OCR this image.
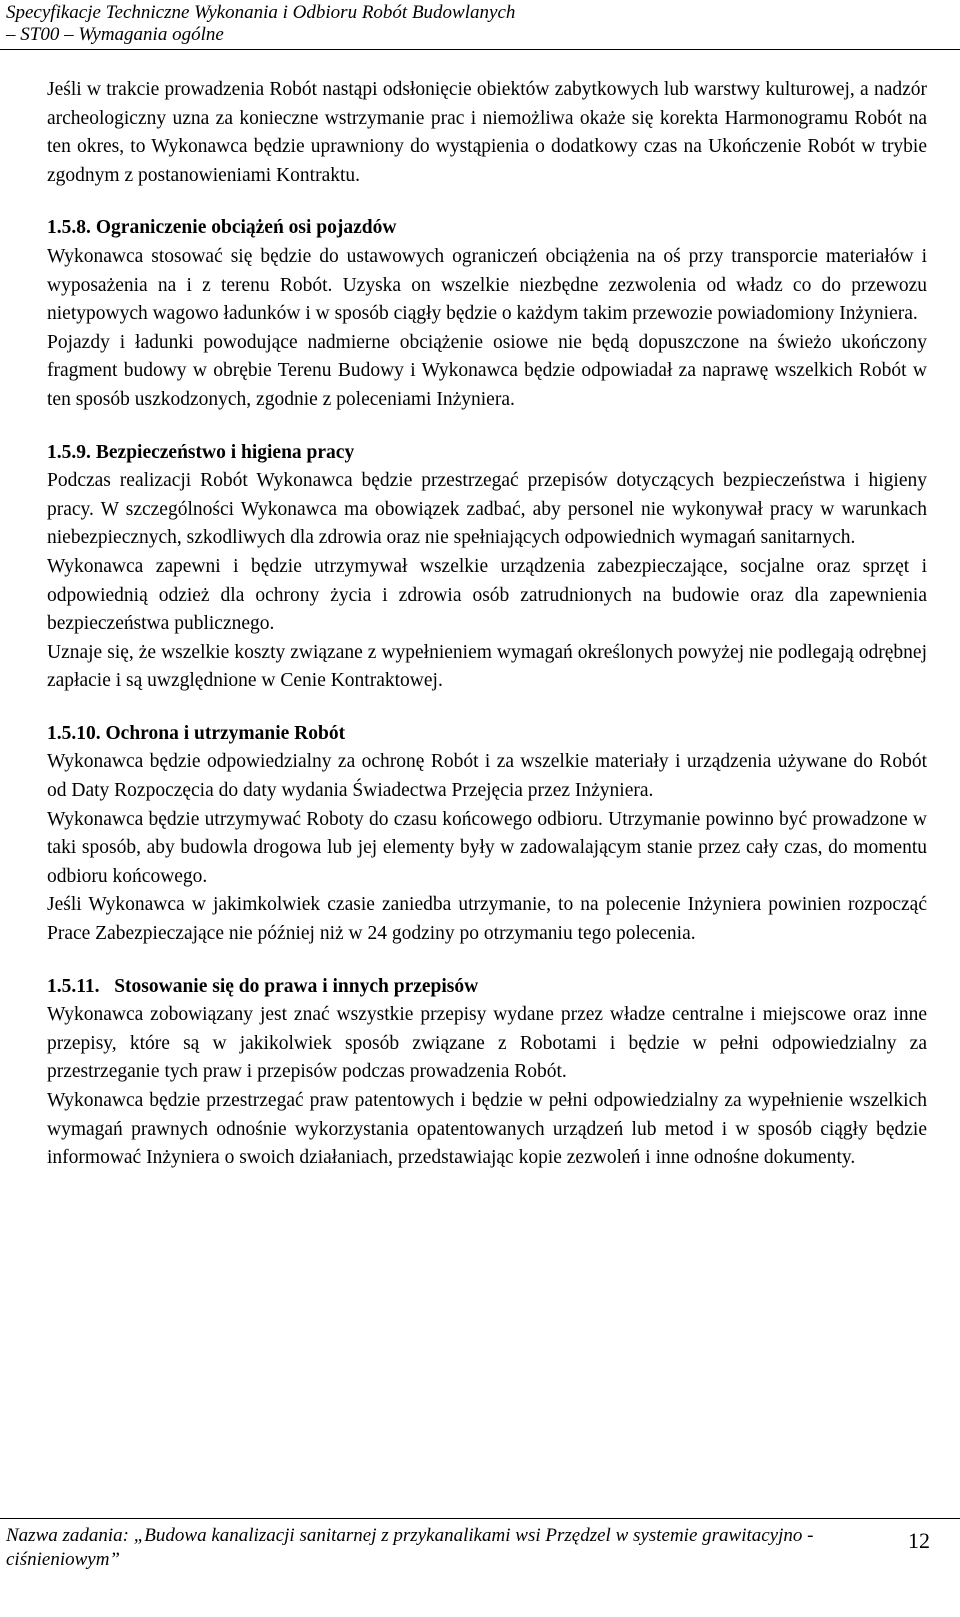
Specyfikacje Techniczne Wykonania i Odbioru Robót Budowlanych
– ST00 – Wymagania ogólne

Jeśli w trakcie prowadzenia Robót nastąpi odsłonięcie obiektów zabytkowych lub warstwy kulturowej, a nadzór archeologiczny uzna za konieczne wstrzymanie prac i niemożliwa okaże się korekta Harmonogramu Robót na ten okres, to Wykonawca będzie uprawniony do wystąpienia o dodatkowy czas na Ukończenie Robót w trybie zgodnym z postanowieniami Kontraktu.

1.5.8. Ograniczenie obciążeń osi pojazdów

Wykonawca stosować się będzie do ustawowych ograniczeń obciążenia na oś przy transporcie materiałów i wyposażenia na i z terenu Robót. Uzyska on wszelkie niezbędne zezwolenia od władz co do przewozu nietypowych wagowo ładunków i w sposób ciągły będzie o każdym takim przewozie powiadomiony Inżyniera.

Pojazdy i ładunki powodujące nadmierne obciążenie osiowe nie będą dopuszczone na świeżo ukończony fragment budowy w obrębie Terenu Budowy i Wykonawca będzie odpowiadał za naprawę wszelkich Robót w ten sposób uszkodzonych, zgodnie z poleceniami Inżyniera.

1.5.9. Bezpieczeństwo i higiena pracy

Podczas realizacji Robót Wykonawca będzie przestrzegać przepisów dotyczących bezpieczeństwa i higieny pracy. W szczególności Wykonawca ma obowiązek zadbać, aby personel nie wykonywał pracy w warunkach niebezpiecznych, szkodliwych dla zdrowia oraz nie spełniających odpowiednich wymagań sanitarnych.

Wykonawca zapewni i będzie utrzymywał wszelkie urządzenia zabezpieczające, socjalne oraz sprzęt i odpowiednią odzież dla ochrony życia i zdrowia osób zatrudnionych na budowie oraz dla zapewnienia bezpieczeństwa publicznego.

Uznaje się, że wszelkie koszty związane z wypełnieniem wymagań określonych powyżej nie podlegają odrębnej zapłacie i są uwzględnione w Cenie Kontraktowej.

1.5.10. Ochrona i utrzymanie Robót

Wykonawca będzie odpowiedzialny za ochronę Robót i za wszelkie materiały i urządzenia używane do Robót od Daty Rozpoczęcia do daty wydania Świadectwa Przejęcia przez Inżyniera.

Wykonawca będzie utrzymywać Roboty do czasu końcowego odbioru. Utrzymanie powinno być prowadzone w taki sposób, aby budowla drogowa lub jej elementy były w zadowalającym stanie przez cały czas, do momentu odbioru końcowego.

Jeśli Wykonawca w jakimkolwiek czasie zaniedba utrzymanie, to na polecenie Inżyniera powinien rozpocząć Prace Zabezpieczające nie później niż w 24 godziny po otrzymaniu tego polecenia.

1.5.11. Stosowanie się do prawa i innych przepisów

Wykonawca zobowiązany jest znać wszystkie przepisy wydane przez władze centralne i miejscowe oraz inne przepisy, które są w jakikolwiek sposób związane z Robotami i będzie w pełni odpowiedzialny za przestrzeganie tych praw i przepisów podczas prowadzenia Robót.

Wykonawca będzie przestrzegać praw patentowych i będzie w pełni odpowiedzialny za wypełnienie wszelkich wymagań prawnych odnośnie wykorzystania opatentowanych urządzeń lub metod i w sposób ciągły będzie informować Inżyniera o swoich działaniach, przedstawiając kopie zezwoleń i inne odnośne dokumenty.

Nazwa zadania: „Budowa kanalizacji sanitarnej z przykanalikami wsi Przędzel w systemie grawitacyjno - ciśnieniowym”
12
